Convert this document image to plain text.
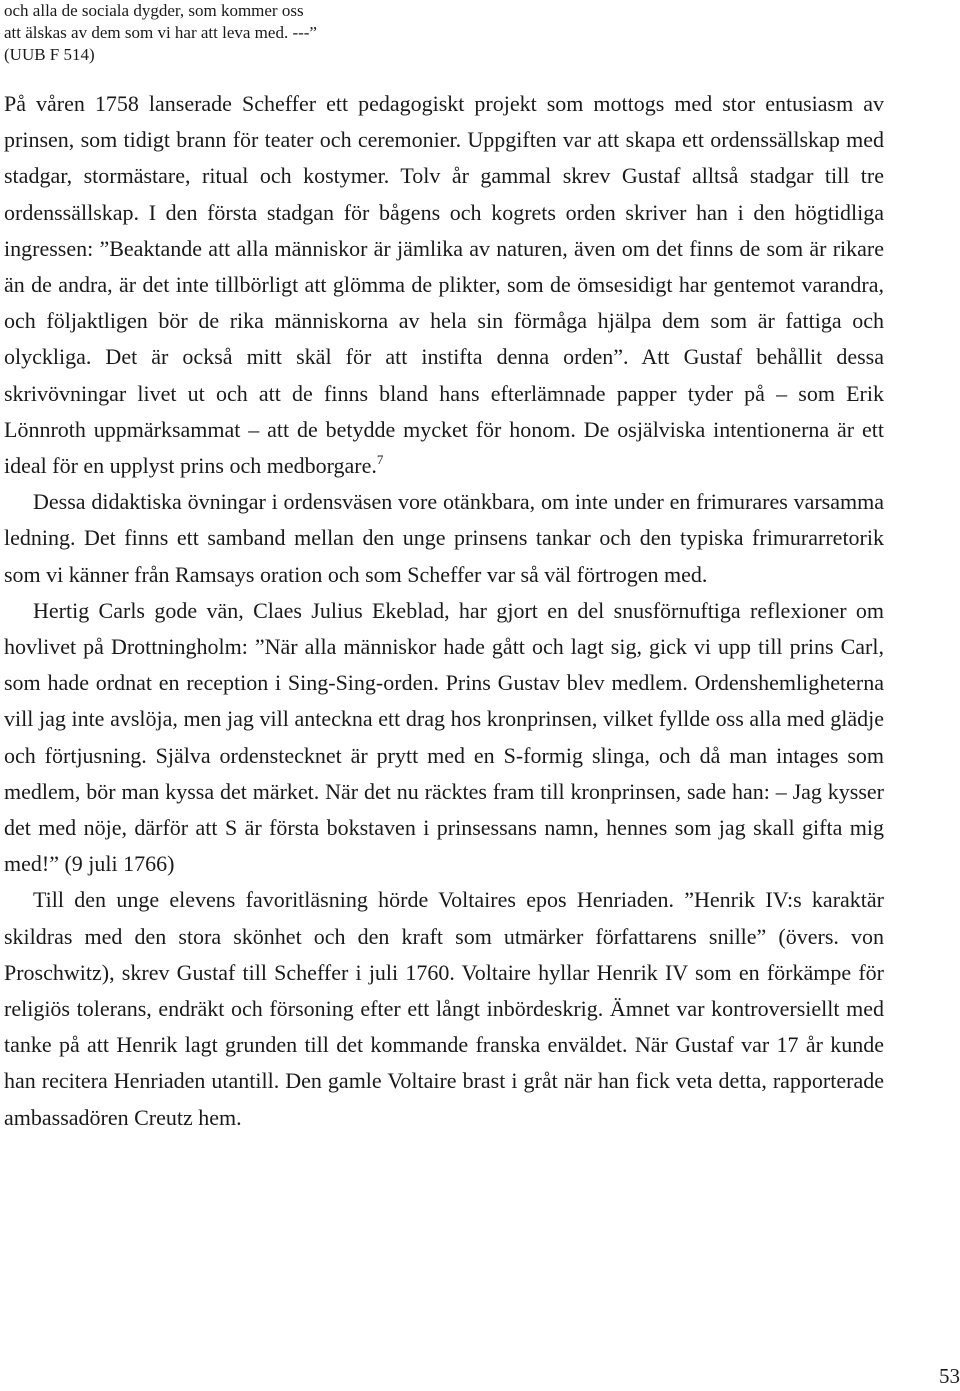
och alla de sociala dygder, som kommer oss
att älskas av dem som vi har att leva med. ---”
(UUB F 514)

På våren 1758 lanserade Scheffer ett pedagogiskt projekt som mottogs med stor entusiasm av prinsen, som tidigt brann för teater och ceremonier. Uppgiften var att skapa ett ordenssällskap med stadgar, stormästare, ritual och kostymer. Tolv år gammal skrev Gustaf alltså stadgar till tre ordenssällskap. I den första stadgan för bågens och kogrets orden skriver han i den högtidliga ingressen: ”Beaktande att alla människor är jämlika av naturen, även om det finns de som är rikare än de andra, är det inte tillbörligt att glömma de plikter, som de ömsesidigt har gentemot varandra, och följaktligen bör de rika människorna av hela sin förmåga hjälpa dem som är fattiga och olyckliga. Det är också mitt skäl för att instifta denna orden”. Att Gustaf behållit dessa skrivövningar livet ut och att de finns bland hans efterlämnade papper tyder på – som Erik Lönnroth uppmärksammat – att de betydde mycket för honom. De osjälviska intentionerna är ett ideal för en upplyst prins och medborgare.$^7$

Dessa didaktiska övningar i ordensväsen vore otänkbara, om inte under en frimurares varsamma ledning. Det finns ett samband mellan den unge prinsens tankar och den typiska frimurarretorik som vi känner från Ramsays oration och som Scheffer var så väl förtrogen med.

Hertig Carls gode vän, Claes Julius Ekeblad, har gjort en del snusförnuftiga reflexioner om hovlivet på Drottningholm: ”När alla människor hade gått och lagt sig, gick vi upp till prins Carl, som hade ordnat en reception i Sing-Sing-orden. Prins Gustav blev medlem. Ordenshemligheterna vill jag inte avslöja, men jag vill anteckna ett drag hos kronprinsen, vilket fyllde oss alla med glädje och förtjusning. Själva ordenstecknet är prytt med en S-formig slinga, och då man intages som medlem, bör man kyssa det märket. När det nu räcktes fram till kronprinsen, sade han: – Jag kysser det med nöje, därför att S är första bokstaven i prinsessans namn, hennes som jag skall gifta mig med!” (9 juli 1766)

Till den unge elevens favoritläsning hörde Voltaires epos Henriaden. ”Henrik IV:s karaktär skildras med den stora skönhet och den kraft som utmärker författarens snille” (övers. von Proschwitz), skrev Gustaf till Scheffer i juli 1760. Voltaire hyllar Henrik IV som en förkämpe för religiös tolerans, endräkt och försoning efter ett långt inbördeskrig. Ämnet var kontroversiellt med tanke på att Henrik lagt grunden till det kommande franska enväldet. När Gustaf var 17 år kunde han recitera Henriaden utantill. Den gamle Voltaire brast i gråt när han fick veta detta, rapporterade ambassadören Creutz hem.

53
